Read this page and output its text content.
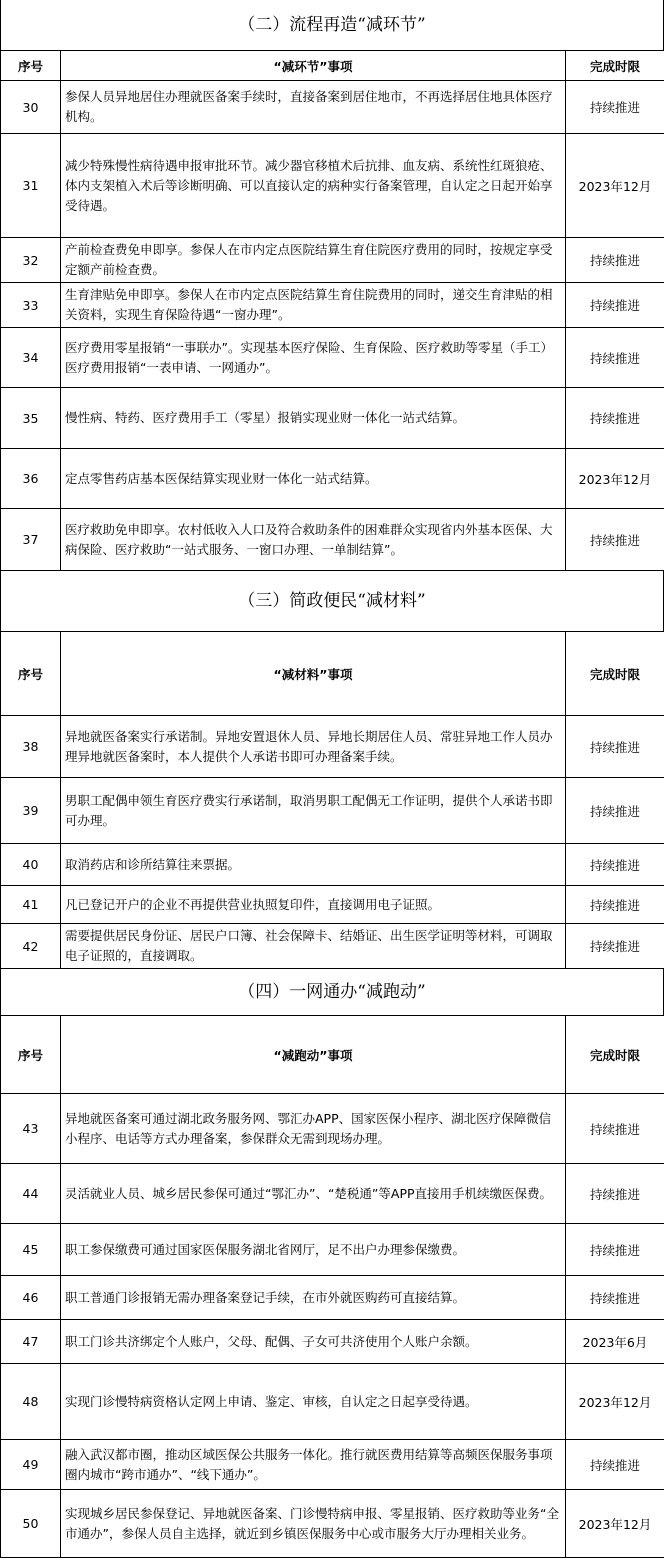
（二）流程再造“减环节”
序号	“减环节”事项	完成时限
30	参保人员异地居住办理就医备案手续时，直接备案到居住地市，不再选择居住地具体医疗机构。	持续推进
31	减少特殊慢性病待遇申报审批环节。减少器官移植术后抗排、血友病、系统性红斑狼疮、体内支架植入术后等诊断明确、可以直接认定的病种实行备案管理，自认定之日起开始享受待遇。	2023年12月
32	产前检查费免申即享。参保人在市内定点医院结算生育住院医疗费用的同时，按规定享受定额产前检查费。	持续推进
33	生育津贴免申即享。参保人在市内定点医院结算生育住院费用的同时，递交生育津贴的相关资料，实现生育保险待遇“一窗办理”。	持续推进
34	医疗费用零星报销“一事联办”。实现基本医疗保险、生育保险、医疗救助等零星（手工）医疗费用报销“一表申请、一网通办”。	持续推进
35	慢性病、特药、医疗费用手工（零星）报销实现业财一体化一站式结算。	持续推进
36	定点零售药店基本医保结算实现业财一体化一站式结算。	2023年12月
37	医疗救助免申即享。农村低收入人口及符合救助条件的困难群众实现省内外基本医保、大病保险、医疗救助“一站式服务、一窗口办理、一单制结算”。	持续推进
（三）简政便民“减材料”
序号	“减材料”事项	完成时限
38	异地就医备案实行承诺制。异地安置退休人员、异地长期居住人员、常驻异地工作人员办理异地就医备案时，本人提供个人承诺书即可办理备案手续。	持续推进
39	男职工配偶申领生育医疗费实行承诺制，取消男职工配偶无工作证明，提供个人承诺书即可办理。	持续推进
40	取消药店和诊所结算往来票据。	持续推进
41	凡已登记开户的企业不再提供营业执照复印件，直接调用电子证照。	持续推进
42	需要提供居民身份证、居民户口簿、社会保障卡、结婚证、出生医学证明等材料，可调取电子证照的，直接调取。	持续推进
（四）一网通办“减跑动”
序号	“减跑动”事项	完成时限
43	异地就医备案可通过湖北政务服务网、鄂汇办APP、国家医保小程序、湖北医疗保障微信小程序、电话等方式办理备案，参保群众无需到现场办理。	持续推进
44	灵活就业人员、城乡居民参保可通过“鄂汇办”、“楚税通”等APP直接用手机续缴医保费。	持续推进
45	职工参保缴费可通过国家医保服务湖北省网厅，足不出户办理参保缴费。	持续推进
46	职工普通门诊报销无需办理备案登记手续，在市外就医购药可直接结算。	持续推进
47	职工门诊共济绑定个人账户，父母、配偶、子女可共济使用个人账户余额。	2023年6月
48	实现门诊慢特病资格认定网上申请、鉴定、审核，自认定之日起享受待遇。	2023年12月
49	融入武汉都市圈，推动区域医保公共服务一体化。推行就医费用结算等高频医保服务事项圈内城市“跨市通办”、“线下通办”。	持续推进
50	实现城乡居民参保登记、异地就医备案、门诊慢特病申报、零星报销、医疗救助等业务“全市通办”，参保人员自主选择，就近到乡镇医保服务中心或市服务大厅办理相关业务。	2023年12月
